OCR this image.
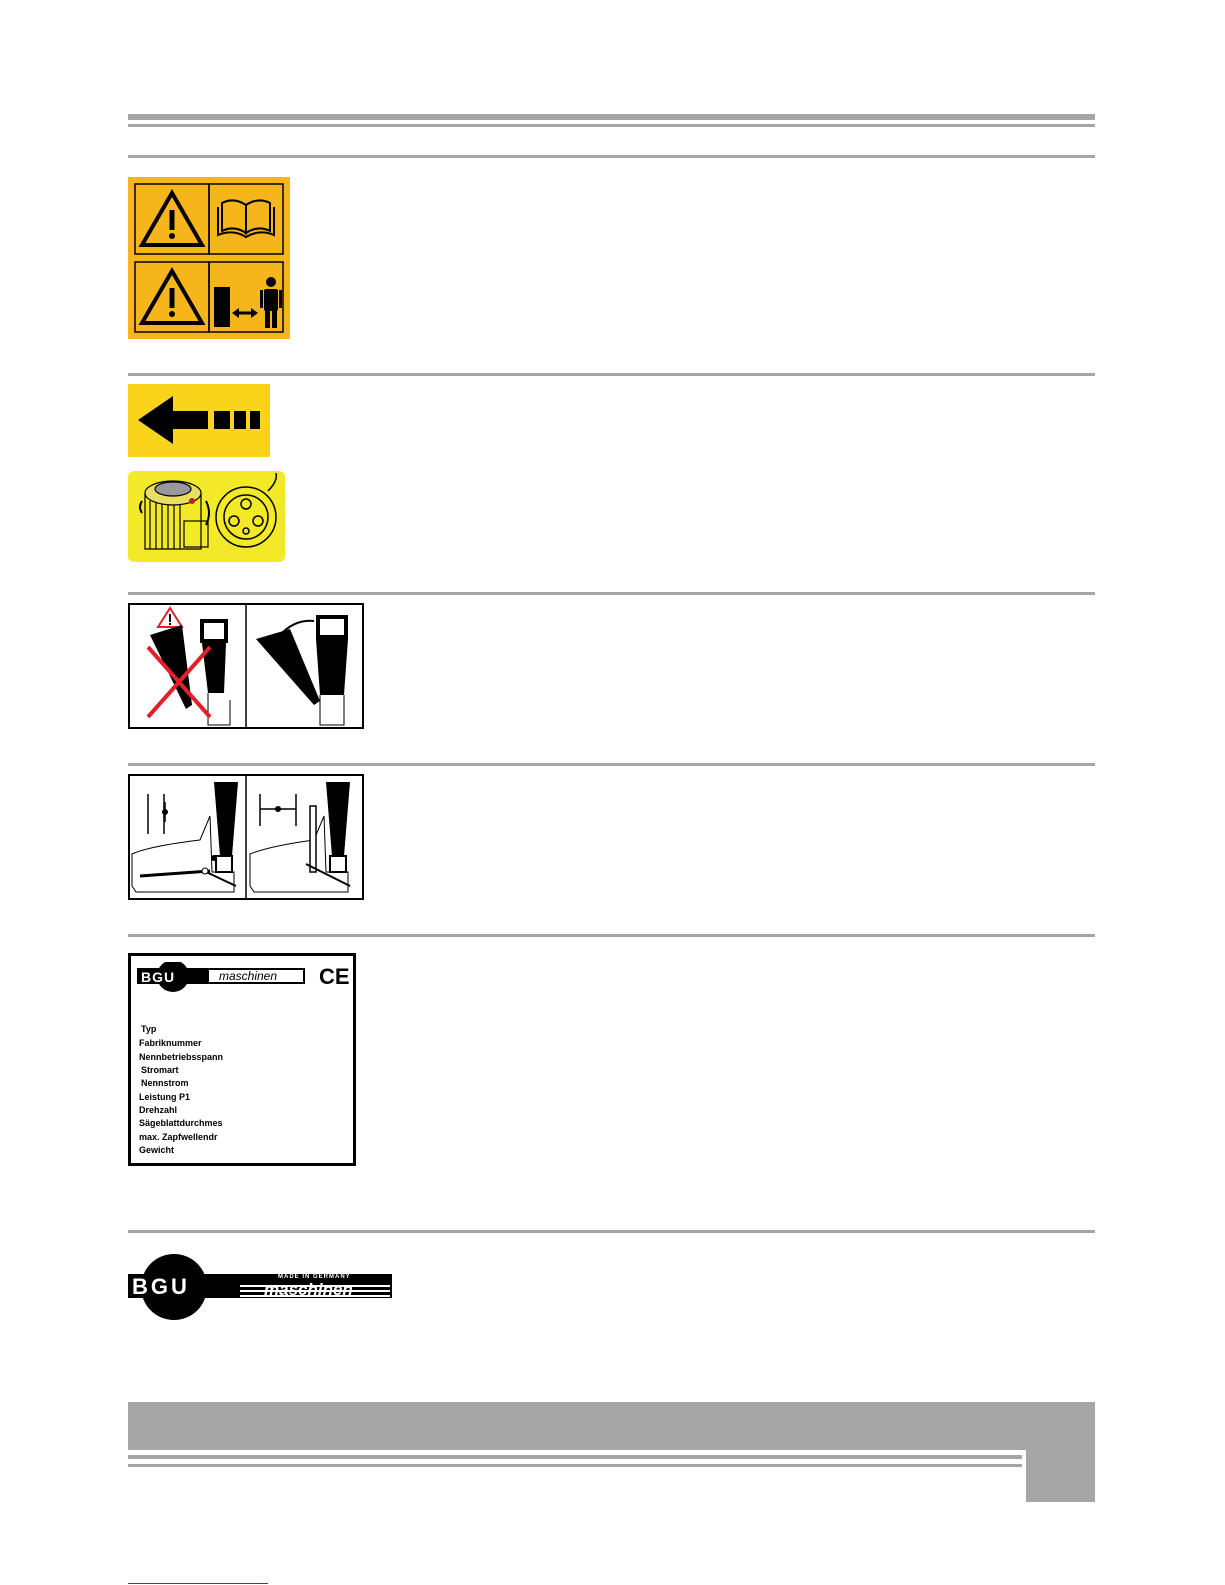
BGU	maschinen CE
Typ
Fabriknummer
Nennbetriebsspann
Stromart
Nennstrom
Leistung P1
Drehzahl
Sägeblattdurchmes
max. Zapfwellendr
Gewicht
BGU	MADE IN GERMANY
maschinen
